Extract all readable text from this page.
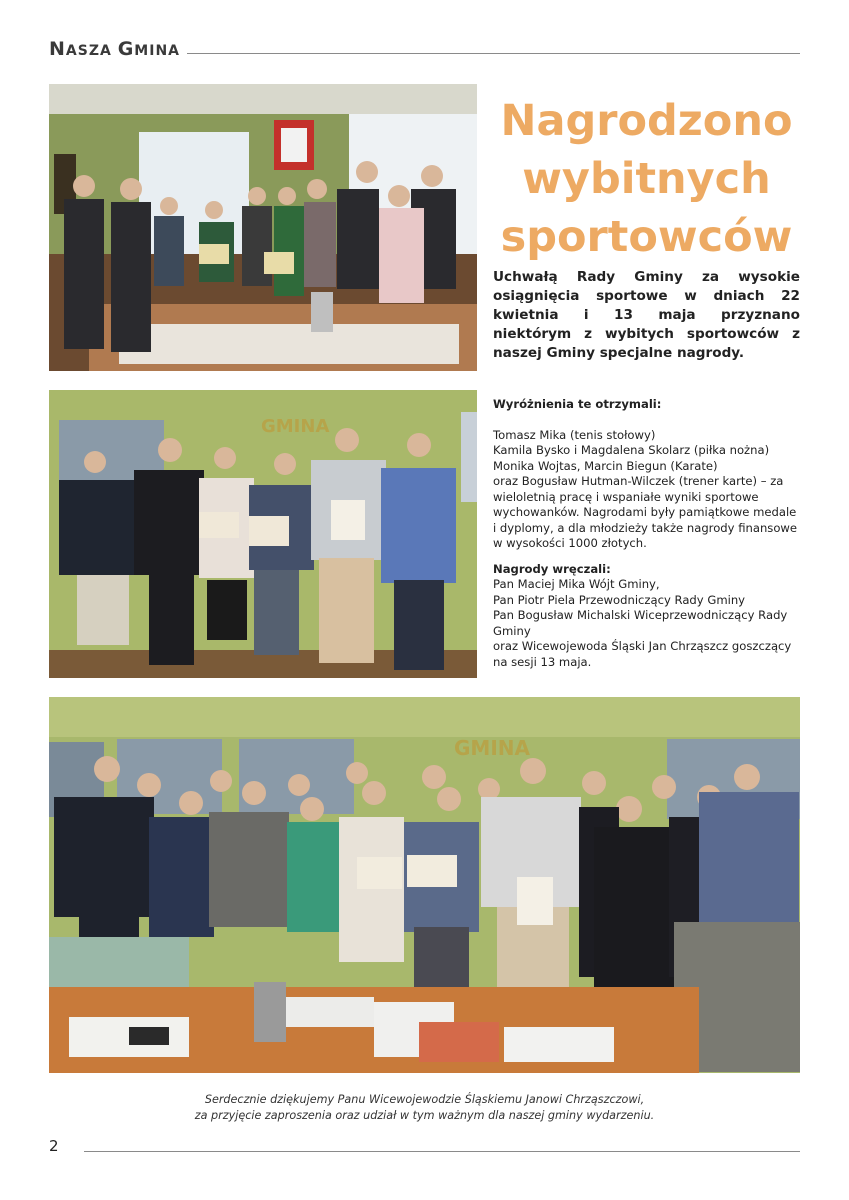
NASZA GMINA
Nagrodzono
wybitnych
sportowców
Uchwałą Rady Gminy za wysokie osiągnięcia sportowe w dniach 22 kwietnia i 13 maja przyznano niektórym z wybitych sportowców z naszej Gminy specjalne nagrody.
GMINA
Wyróżnienia te otrzymali:
Tomasz Mika (tenis stołowy)
Kamila Bysko i Magdalena Skolarz (piłka nożna)
Monika Wojtas, Marcin Biegun (Karate)
oraz Bogusław Hutman-Wilczek (trener karte) – za wieloletnią pracę i wspaniałe wyniki sportowe wychowanków. Nagrodami były pamiątkowe medale i dyplomy, a dla młodzieży także nagrody finansowe w wysokości 1000 złotych.
Nagrody wręczali:
Pan Maciej Mika Wójt Gminy,
Pan Piotr Piela Przewodniczący Rady Gminy
Pan Bogusław Michalski Wiceprzewodniczący Rady Gminy
oraz Wicewojewoda Śląski Jan Chrząszcz goszczący na sesji 13 maja.
GMINA
Serdecznie dziękujemy Panu Wicewojewodzie Śląskiemu Janowi Chrząszczowi,
za przyjęcie zaproszenia oraz udział w tym ważnym dla naszej gminy wydarzeniu.
2
